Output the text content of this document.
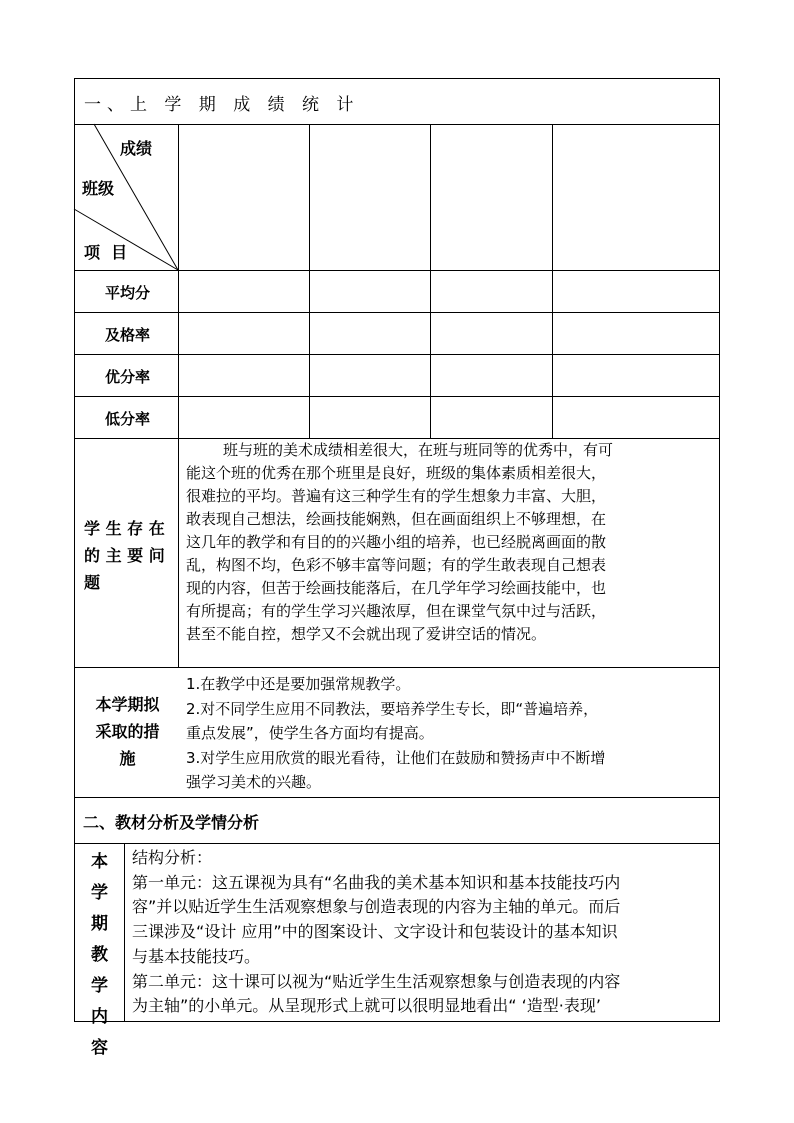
一、上 学 期 成 绩 统 计
成绩
班级
项  目
平均分
及格率
优分率
低分率
学 生 存 在
的 主 要 问
题
班与班的美术成绩相差很大，在班与班同等的优秀中，有可
能这个班的优秀在那个班里是良好，班级的集体素质相差很大，
很难拉的平均。普遍有这三种学生有的学生想象力丰富、大胆，
敢表现自己想法，绘画技能娴熟，但在画面组织上不够理想，在
这几年的教学和有目的的兴趣小组的培养，也已经脱离画面的散
乱，构图不均，色彩不够丰富等问题；有的学生敢表现自己想表
现的内容，但苦于绘画技能落后，在几学年学习绘画技能中，也
有所提高；有的学生学习兴趣浓厚，但在课堂气氛中过与活跃，
甚至不能自控，想学又不会就出现了爱讲空话的情况。
本学期拟
采取的措
施
1.在教学中还是要加强常规教学。
2.对不同学生应用不同教法，要培养学生专长，即“普遍培养，
重点发展”，使学生各方面均有提高。
3.对学生应用欣赏的眼光看待，让他们在鼓励和赞扬声中不断增
强学习美术的兴趣。
二、教材分析及学情分析
本
学
期
教
学
内
容
结构分析：
第一单元：这五课视为具有“名曲我的美术基本知识和基本技能技巧内
容”并以贴近学生生活观察想象与创造表现的内容为主轴的单元。而后
三课涉及“设计 应用”中的图案设计、文字设计和包装设计的基本知识
与基本技能技巧。
第二单元：这十课可以视为“贴近学生生活观察想象与创造表现的内容
为主轴”的小单元。从呈现形式上就可以很明显地看出“ ‘造型·表现’
